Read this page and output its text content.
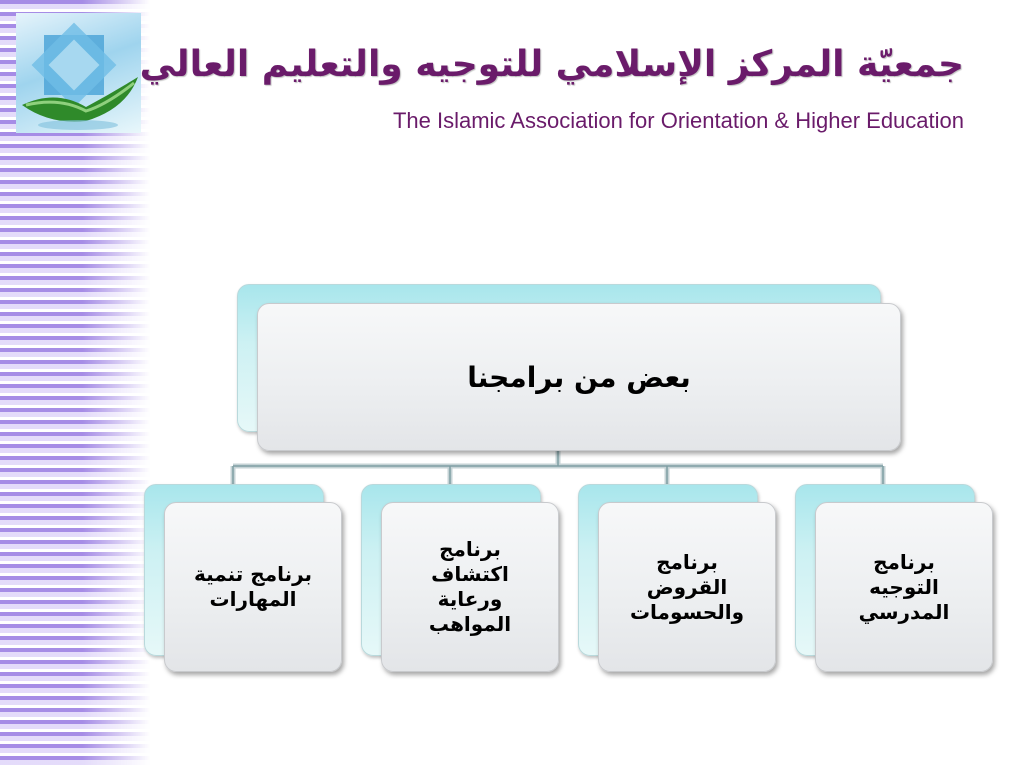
جمعيّة المركز الإسلامي للتوجيه والتعليم العالي
The Islamic Association for Orientation & Higher Education
بعض من برامجنا
برنامج تنمية المهارات
برنامج اكتشاف ورعاية المواهب
برنامج القروض والحسومات
برنامج التوجيه المدرسي
